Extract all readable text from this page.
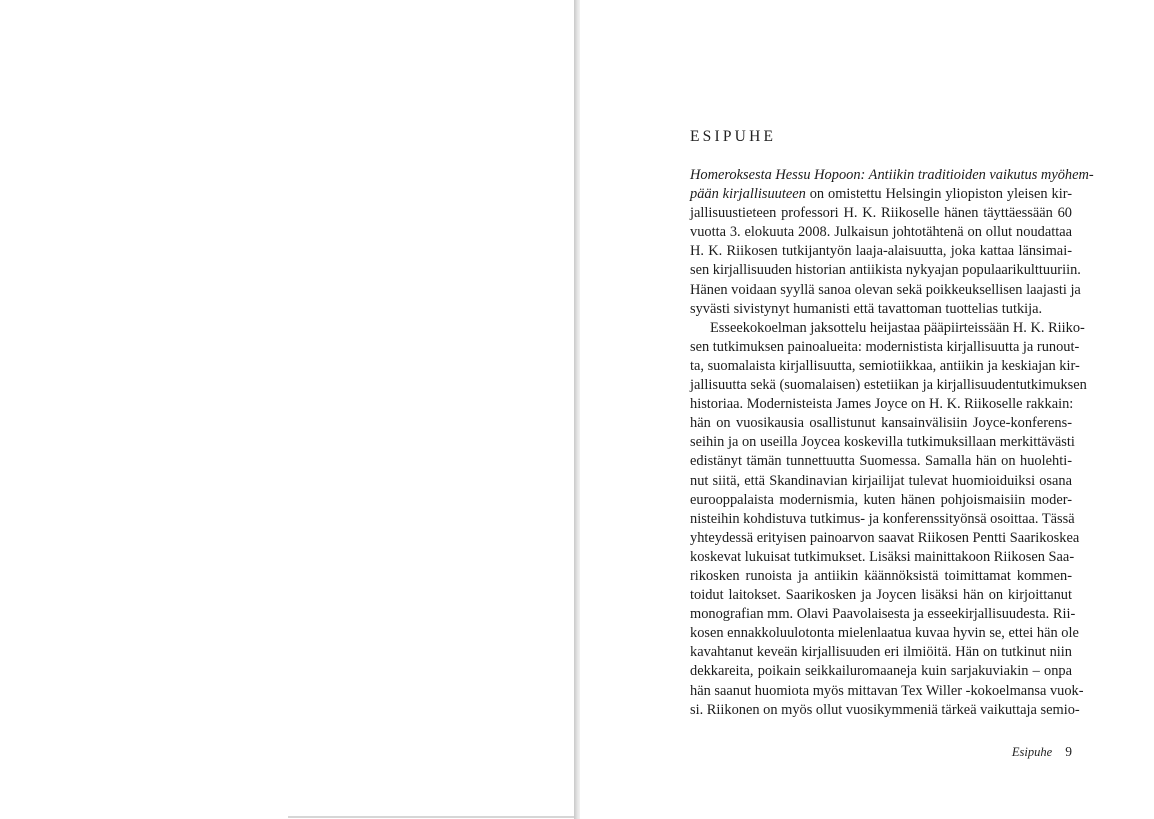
ESIPUHE
Homeroksesta Hessu Hopoon: Antiikin traditioiden vaikutus myöhem-
pään kirjallisuuteen on omistettu Helsingin yliopiston yleisen kir-
jallisuustieteen professori H. K. Riikoselle hänen täyttäessään 60
vuotta 3. elokuuta 2008. Julkaisun johtotähtenä on ollut noudattaa
H. K. Riikosen tutkijantyön laaja-alaisuutta, joka kattaa länsimai-
sen kirjallisuuden historian antiikista nykyajan populaarikulttuuriin.
Hänen voidaan syyllä sanoa olevan sekä poikkeuksellisen laajasti ja
syvästi sivistynyt humanisti että tavattoman tuottelias tutkija.
Esseekokoelman jaksottelu heijastaa pääpiirteissään H. K. Riiko-
sen tutkimuksen painoalueita: modernistista kirjallisuutta ja runout-
ta, suomalaista kirjallisuutta, semiotiikkaa, antiikin ja keskiajan kir-
jallisuutta sekä (suomalaisen) estetiikan ja kirjallisuudentutkimuksen
historiaa. Modernisteista James Joyce on H. K. Riikoselle rakkain:
hän on vuosikausia osallistunut kansainvälisiin Joyce-konferens-
seihin ja on useilla Joycea koskevilla tutkimuksillaan merkittävästi
edistänyt tämän tunnettuutta Suomessa. Samalla hän on huolehti-
nut siitä, että Skandinavian kirjailijat tulevat huomioiduiksi osana
eurooppalaista modernismia, kuten hänen pohjoismaisiin moder-
nisteihin kohdistuva tutkimus- ja konferenssityönsä osoittaa. Tässä
yhteydessä erityisen painoarvon saavat Riikosen Pentti Saarikoskea
koskevat lukuisat tutkimukset. Lisäksi mainittakoon Riikosen Saa-
rikosken runoista ja antiikin käännöksistä toimittamat kommen-
toidut laitokset. Saarikosken ja Joycen lisäksi hän on kirjoittanut
monografian mm. Olavi Paavolaisesta ja esseekirjallisuudesta. Rii-
kosen ennakkoluulotonta mielenlaatua kuvaa hyvin se, ettei hän ole
kavahtanut keveän kirjallisuuden eri ilmiöitä. Hän on tutkinut niin
dekkareita, poikain seikkailuromaaneja kuin sarjakuviakin – onpa
hän saanut huomiota myös mittavan Tex Willer -kokoelmansa vuok-
si. Riikonen on myös ollut vuosikymmeniä tärkeä vaikuttaja semio-
Esipuhe 9
